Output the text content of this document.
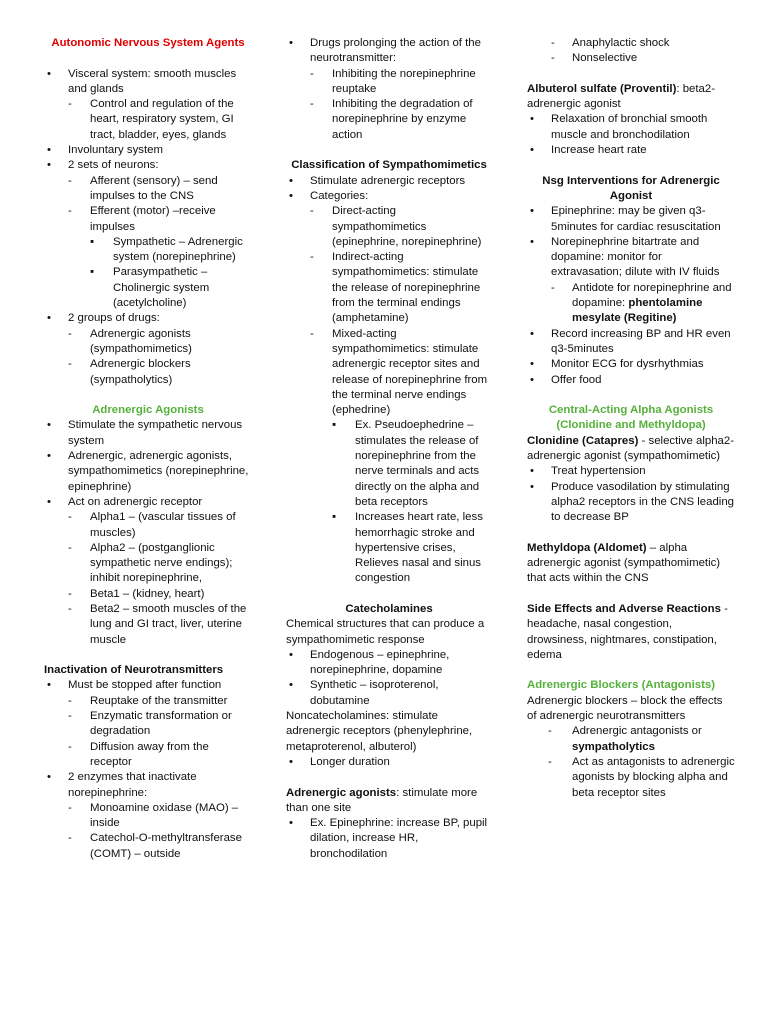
Autonomic Nervous System Agents
• Visceral system: smooth muscles and glands
- Control and regulation of the heart, respiratory system, GI tract, bladder, eyes, glands
• Involuntary system
• 2 sets of neurons:
- Afferent (sensory) – send impulses to the CNS
- Efferent (motor) –receive impulses
▪ Sympathetic – Adrenergic system (norepinephrine)
▪ Parasympathetic – Cholinergic system (acetylcholine)
• 2 groups of drugs:
- Adrenergic agonists (sympathomimetics)
- Adrenergic blockers (sympatholytics)
Adrenergic Agonists
• Stimulate the sympathetic nervous system
• Adrenergic, adrenergic agonists, sympathomimetics (norepinephrine, epinephrine)
• Act on adrenergic receptor
- Alpha1 – (vascular tissues of muscles)
- Alpha2 – (postganglionic sympathetic nerve endings); inhibit norepinephrine,
- Beta1 – (kidney, heart)
- Beta2 – smooth muscles of the lung and GI tract, liver, uterine muscle
Inactivation of Neurotransmitters
• Must be stopped after function
- Reuptake of the transmitter
- Enzymatic transformation or degradation
- Diffusion away from the receptor
• 2 enzymes that inactivate norepinephrine:
- Monoamine oxidase (MAO) – inside
- Catechol-O-methyltransferase (COMT) – outside
• Drugs prolonging the action of the neurotransmitter:
- Inhibiting the norepinephrine reuptake
- Inhibiting the degradation of norepinephrine by enzyme action
Classification of Sympathomimetics
• Stimulate adrenergic receptors
• Categories:
- Direct-acting sympathomimetics (epinephrine, norepinephrine)
- Indirect-acting sympathomimetics: stimulate the release of norepinephrine from the terminal endings (amphetamine)
- Mixed-acting sympathomimetics: stimulate adrenergic receptor sites and release of norepinephrine from the terminal nerve endings (ephedrine)
▪ Ex. Pseudoephedrine – stimulates the release of norepinephrine from the nerve terminals and acts directly on the alpha and beta receptors
▪ Increases heart rate, less hemorrhagic stroke and hypertensive crises, Relieves nasal and sinus congestion
Catecholamines
Chemical structures that can produce a sympathomimetic response
• Endogenous – epinephrine, norepinephrine, dopamine
• Synthetic – isoproterenol, dobutamine
Noncatecholamines: stimulate adrenergic receptors (phenylephrine, metaproterenol, albuterol)
• Longer duration
Adrenergic agonists: stimulate more than one site
• Ex. Epinephrine: increase BP, pupil dilation, increase HR, bronchodilation
- Anaphylactic shock
- Nonselective
Albuterol sulfate (Proventil): beta2-adrenergic agonist
• Relaxation of bronchial smooth muscle and bronchodilation
• Increase heart rate
Nsg Interventions for Adrenergic Agonist
• Epinephrine: may be given q3-5minutes for cardiac resuscitation
• Norepinephrine bitartrate and dopamine: monitor for extravasation; dilute with IV fluids
- Antidote for norepinephrine and dopamine: phentolamine mesylate (Regitine)
• Record increasing BP and HR even q3-5minutes
• Monitor ECG for dysrhythmias
• Offer food
Central-Acting Alpha Agonists (Clonidine and Methyldopa)
Clonidine (Catapres) - selective alpha2-adrenergic agonist (sympathomimetic)
• Treat hypertension
• Produce vasodilation by stimulating alpha2 receptors in the CNS leading to decrease BP
Methyldopa (Aldomet) – alpha adrenergic agonist (sympathomimetic) that acts within the CNS
Side Effects and Adverse Reactions - headache, nasal congestion, drowsiness, nightmares, constipation, edema
Adrenergic Blockers (Antagonists)
Adrenergic blockers – block the effects of adrenergic neurotransmitters
- Adrenergic antagonists or sympatholytics
- Act as antagonists to adrenergic agonists by blocking alpha and beta receptor sites
